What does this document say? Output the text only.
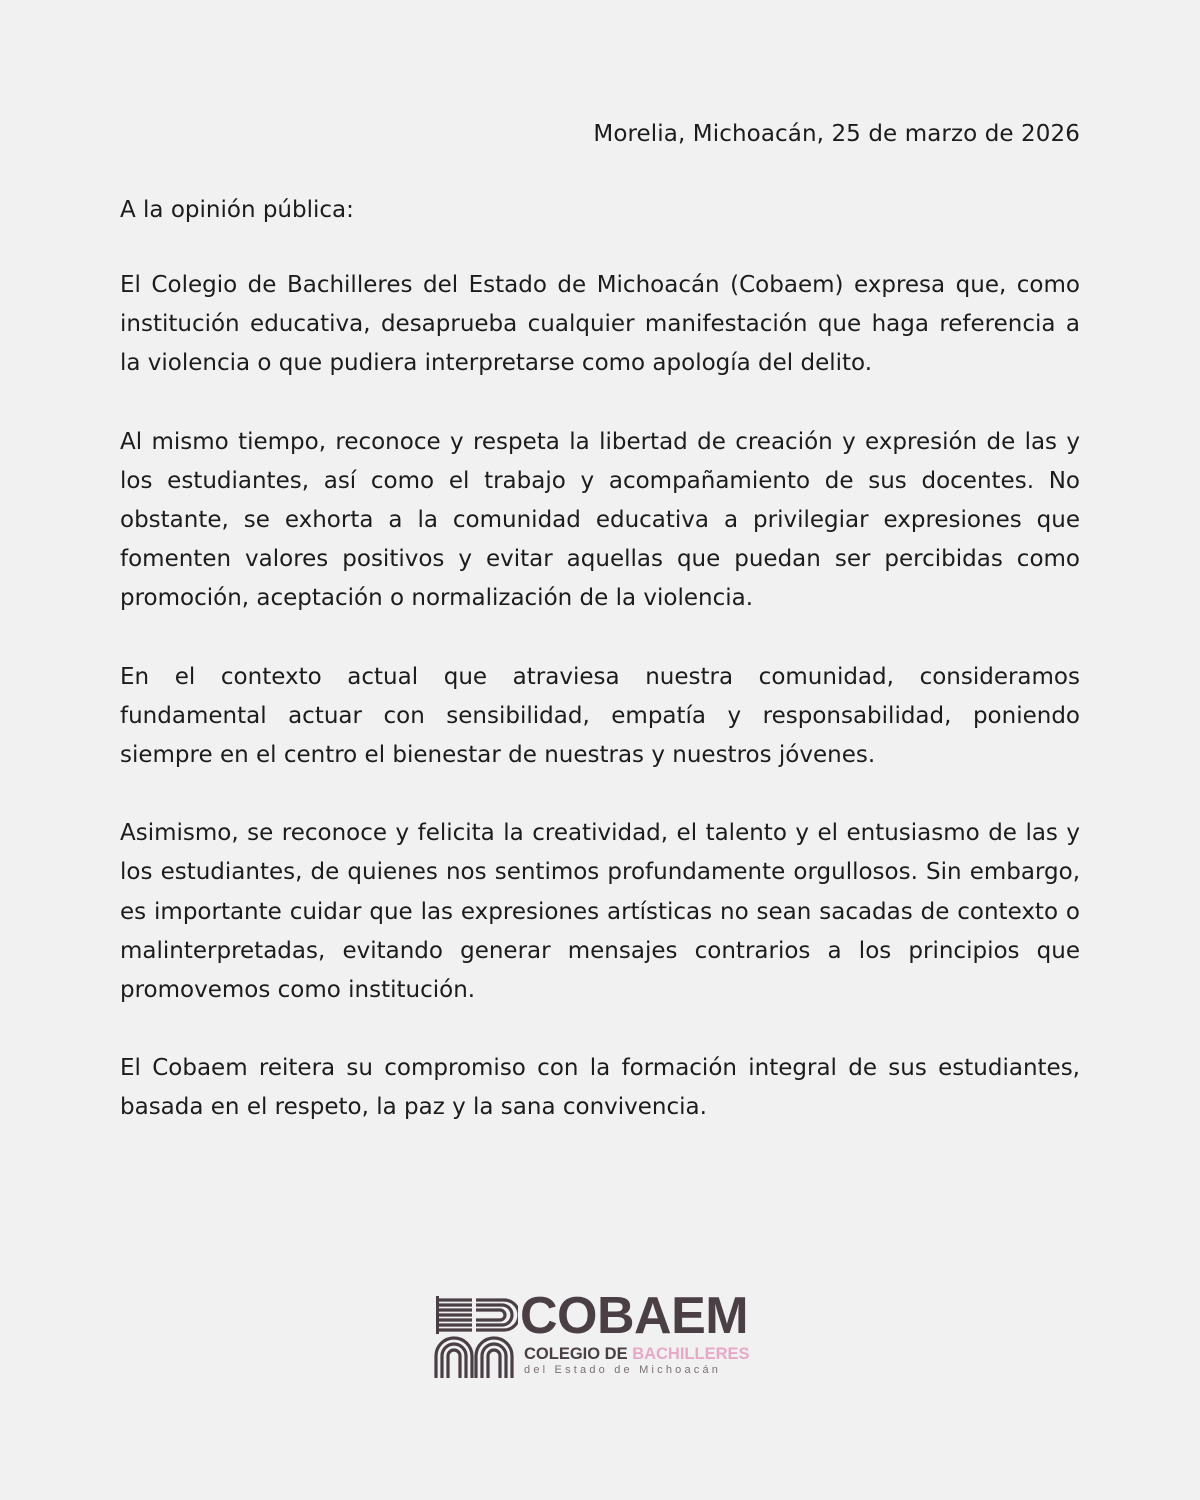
Morelia, Michoacán, 25 de marzo de 2026
A la opinión pública:

El Colegio de Bachilleres del Estado de Michoacán (Cobaem) expresa que, como institución educativa, desaprueba cualquier manifestación que haga referencia a la violencia o que pudiera interpretarse como apología del delito.

Al mismo tiempo, reconoce y respeta la libertad de creación y expresión de las y los estudiantes, así como el trabajo y acompañamiento de sus docentes. No obstante, se exhorta a la comunidad educativa a privilegiar expresiones que fomenten valores positivos y evitar aquellas que puedan ser percibidas como promoción, aceptación o normalización de la violencia.

En el contexto actual que atraviesa nuestra comunidad, consideramos fundamental actuar con sensibilidad, empatía y responsabilidad, poniendo siempre en el centro el bienestar de nuestras y nuestros jóvenes.

Asimismo, se reconoce y felicita la creatividad, el talento y el entusiasmo de las y los estudiantes, de quienes nos sentimos profundamente orgullosos. Sin embargo, es importante cuidar que las expresiones artísticas no sean sacadas de contexto o malinterpretadas, evitando generar mensajes contrarios a los principios que promovemos como institución.

El Cobaem reitera su compromiso con la formación integral de sus estudiantes, basada en el respeto, la paz y la sana convivencia.

COBAEM
COLEGIO DE BACHILLERES
del Estado de Michoacán
